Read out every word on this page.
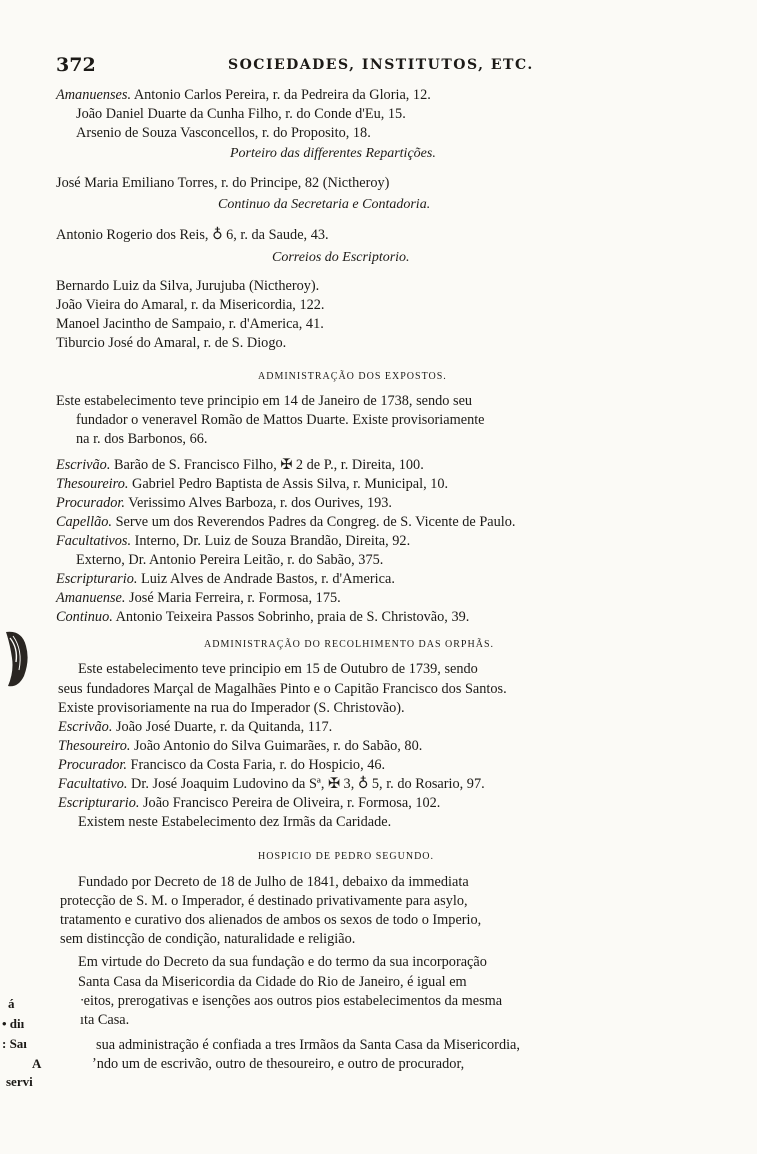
372	SOCIEDADES, INSTITUTOS, ETC.
Amanuenses. Antonio Carlos Pereira, r. da Pedreira da Gloria, 12.
João Daniel Duarte da Cunha Filho, r. do Conde d'Eu, 15.
Arsenio de Souza Vasconcellos, r. do Proposito, 18.
Porteiro das differentes Repartições.
José Maria Emiliano Torres, r. do Principe, 82 (Nictheroy)
Continuo da Secretaria e Contadoria.
Antonio Rogerio dos Reis, ♁ 6, r. da Saude, 43.
Correios do Escriptorio.
Bernardo Luiz da Silva, Jurujuba (Nictheroy).
João Vieira do Amaral, r. da Misericordia, 122.
Manoel Jacintho de Sampaio, r. d'America, 41.
Tiburcio José do Amaral, r. de S. Diogo.
ADMINISTRAÇÃO DOS EXPOSTOS.
Este estabelecimento teve principio em 14 de Janeiro de 1738, sendo seu
fundador o veneravel Romão de Mattos Duarte. Existe provisoriamente
na r. dos Barbonos, 66.
Escrivão. Barão de S. Francisco Filho, ✠ 2 de P., r. Direita, 100.
Thesoureiro. Gabriel Pedro Baptista de Assis Silva, r. Municipal, 10.
Procurador. Verissimo Alves Barboza, r. dos Ourives, 193.
Capellão. Serve um dos Reverendos Padres da Congreg. de S. Vicente de Paulo.
Facultativos. Interno, Dr. Luiz de Souza Brandão, Direita, 92.
Externo, Dr. Antonio Pereira Leitão, r. do Sabão, 375.
Escripturario. Luiz Alves de Andrade Bastos, r. d'America.
Amanuense. José Maria Ferreira, r. Formosa, 175.
Continuo. Antonio Teixeira Passos Sobrinho, praia de S. Christovão, 39.
ADMINISTRAÇÃO DO RECOLHIMENTO DAS ORPHÃS.
Este estabelecimento teve principio em 15 de Outubro de 1739, sendo
seus fundadores Marçal de Magalhães Pinto e o Capitão Francisco dos Santos.
Existe provisoriamente na rua do Imperador (S. Christovão).
Escrivão. João José Duarte, r. da Quitanda, 117.
Thesoureiro. João Antonio do Silva Guimarães, r. do Sabão, 80.
Procurador. Francisco da Costa Faria, r. do Hospicio, 46.
Facultativo. Dr. José Joaquim Ludovino da Sª, ✠ 3, ♁ 5, r. do Rosario, 97.
Escripturario. João Francisco Pereira de Oliveira, r. Formosa, 102.
Existem neste Estabelecimento dez Irmãs da Caridade.
HOSPICIO DE PEDRO SEGUNDO.
Fundado por Decreto de 18 de Julho de 1841, debaixo da immediata
protecção de S. M. o Imperador, é destinado privativamente para asylo,
tratamento e curativo dos alienados de ambos os sexos de todo o Imperio,
sem distincção de condição, naturalidade e religião.
Em virtude do Decreto da sua fundação e do termo da sua incorporação
Santa Casa da Misericordia da Cidade do Rio de Janeiro, é igual em
ᐧeitos, prerogativas e isenções aos outros pios estabelecimentos da mesma
ıta Casa.
sua administração é confiada a tres Irmãos da Santa Casa da Misericordia,
ʼndo um de escrivão, outro de thesoureiro, e outro de procurador,
á
• diı
: Saı
A
servi
